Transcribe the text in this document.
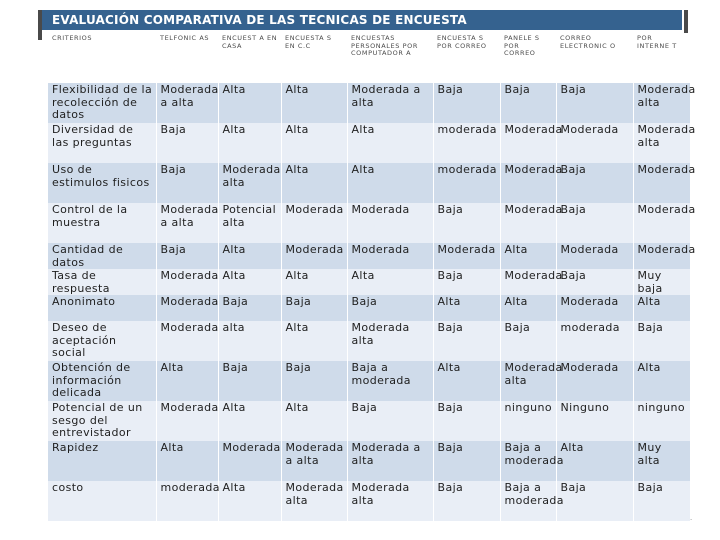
EVALUACIÓN COMPARATIVA DE LAS TECNICAS DE ENCUESTA
CRITERIOS	TELFONIC AS	ENCUEST A EN CASA	ENCUESTA S EN C.C	ENCUESTAS PERSONALES POR COMPUTADOR A	ENCUESTA S POR CORREO	PANELE S POR CORREO	CORREO ELECTRONIC O	POR INTERNE T
Flexibilidad de la recolección de datos	Moderada a alta	Alta	Alta	Moderada a alta	Baja	Baja	Baja	Moderada alta
Diversidad de las preguntas	Baja	Alta	Alta	Alta	moderada	Moderada	Moderada	Moderada alta
Uso de estimulos fisicos	Baja	Moderada alta	Alta	Alta	moderada	Moderada	Baja	Moderada
Control de la muestra	Moderada a alta	Potencial alta	Moderada	Moderada	Baja	Moderada	Baja	Moderada
Cantidad de datos	Baja	Alta	Moderada	Moderada	Moderada	Alta	Moderada	Moderada
Tasa de respuesta	Moderada	Alta	Alta	Alta	Baja	Moderada	Baja	Muy baja
Anonimato	Moderada	Baja	Baja	Baja	Alta	Alta	Moderada	Alta
Deseo de aceptación social	Moderada	alta	Alta	Moderada alta	Baja	Baja	moderada	Baja
Obtención de información delicada	Alta	Baja	Baja	Baja a moderada	Alta	Moderada alta	Moderada	Alta
Potencial de un sesgo del entrevistador	Moderada	Alta	Alta	Baja	Baja	ninguno	Ninguno	ninguno
Rapidez	Alta	Moderada	Moderada a alta	Moderada a alta	Baja	Baja a moderada	Alta	Muy alta
costo	moderada	Alta	Moderada alta	Moderada alta	Baja	Baja a moderada	Baja	Baja
.
